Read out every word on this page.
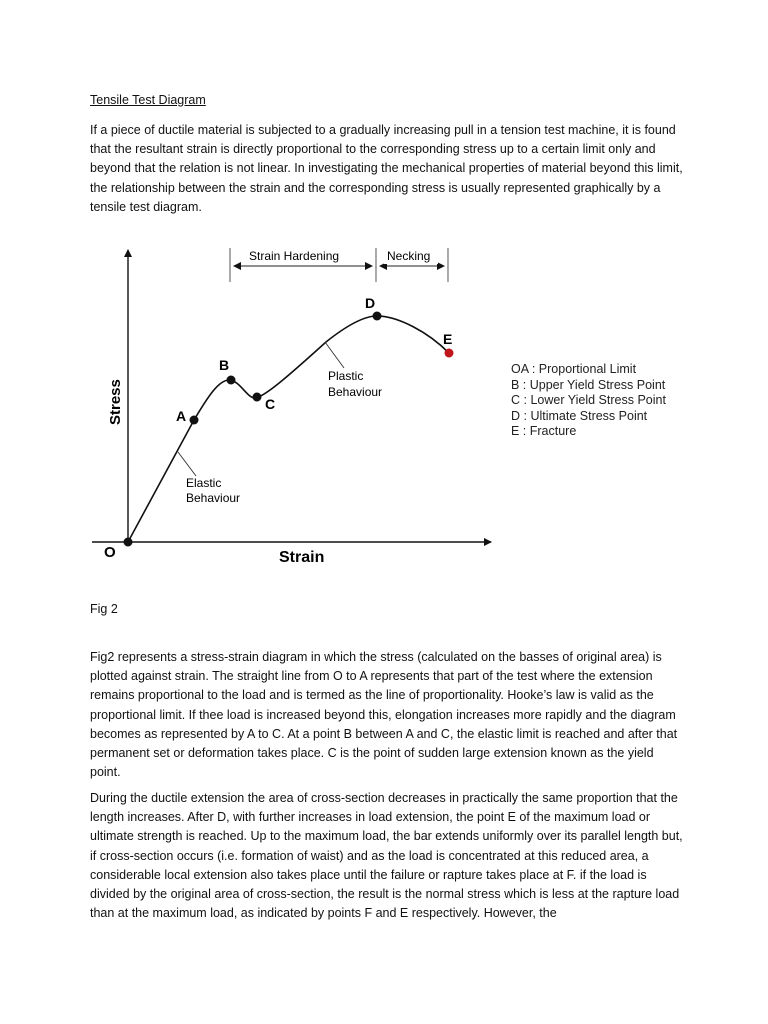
Tensile Test Diagram

If a piece of ductile material is subjected to a gradually increasing pull in a tension test machine, it is found that the resultant strain is directly proportional to the corresponding stress up to a certain limit only and beyond that the relation is not linear. In investigating the mechanical properties of material beyond this limit, the relationship between the strain and the corresponding stress is usually represented graphically by a tensile test diagram.

O
A
B
C
D
E
Stress
Strain
Strain Hardening	Necking
Elastic
Behaviour
Plastic
Behaviour
OA : Proportional Limit
B : Upper Yield Stress Point
C : Lower Yield Stress Point
D : Ultimate Stress Point
E : Fracture

Fig 2

Fig2 represents a stress-strain diagram in which the stress (calculated on the basses of original area) is plotted against strain. The straight line from O to A represents that part of the test where the extension remains proportional to the load and is termed as the line of proportionality. Hooke’s law is valid as the proportional limit. If thee load is increased beyond this, elongation increases more rapidly and the diagram becomes as represented by A to C. At a point B between A and C, the elastic limit is reached and after that permanent set or deformation takes place. C is the point of sudden large extension known as the yield point.

During the ductile extension the area of cross-section decreases in practically the same proportion that the length increases. After D, with further increases in load extension, the point E of the maximum load or ultimate strength is reached. Up to the maximum load, the bar extends uniformly over its parallel length but, if cross-section occurs (i.e. formation of waist) and as the load is concentrated at this reduced area, a considerable local extension also takes place until the failure or rapture takes place at F. if the load is divided by the original area of cross-section, the result is the normal stress which is less at the rapture load than at the maximum load, as indicated by points F and E respectively. However, the
